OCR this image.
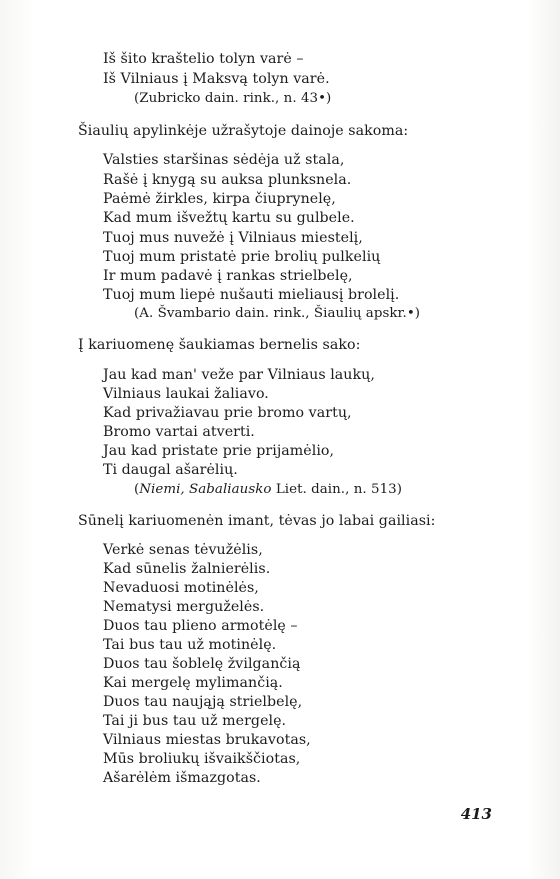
Iš šito kraštelio tolyn varė –
Iš Vilniaus į Maksvą tolyn varė.
(Zubricko dain. rink., n. 43•)
Šiaulių apylinkėje užrašytoje dainoje sakoma:
Valsties staršinas sėdėja už stala,
Rašė į knygą su auksa plunksnela.
Paėmė žirkles, kirpa čiuprynelę,
Kad mum išvežtų kartu su gulbele.
Tuoj mus nuvežė į Vilniaus miestelį,
Tuoj mum pristatė prie brolių pulkelių
Ir mum padavė į rankas strielbelę,
Tuoj mum liepė nušauti mieliausį brolelį.
(A. Švambario dain. rink., Šiaulių apskr.•)
Į kariuomenę šaukiamas bernelis sako:
Jau kad man' veže par Vilniaus laukų,
Vilniaus laukai žaliavo.
Kad privažiavau prie bromo vartų,
Bromo vartai atverti.
Jau kad pristate prie prijamėlio,
Ti daugal ašarėlių.
(Niemi, Sabaliausko Liet. dain., n. 513)
Sūnelį kariuomenėn imant, tėvas jo labai gailiasi:
Verkė senas tėvužėlis,
Kad sūnelis žalnierėlis.
Nevaduosi motinėlės,
Nematysi merguželės.
Duos tau plieno armotėlę –
Tai bus tau už motinėlę.
Duos tau šoblelę žvilgančią
Kai mergelę mylimančią.
Duos tau naująją strielbelę,
Tai ji bus tau už mergelę.
Vilniaus miestas brukavotas,
Mūs broliukų išvaikščiotas,
Ašarėlėm išmazgotas.
413
